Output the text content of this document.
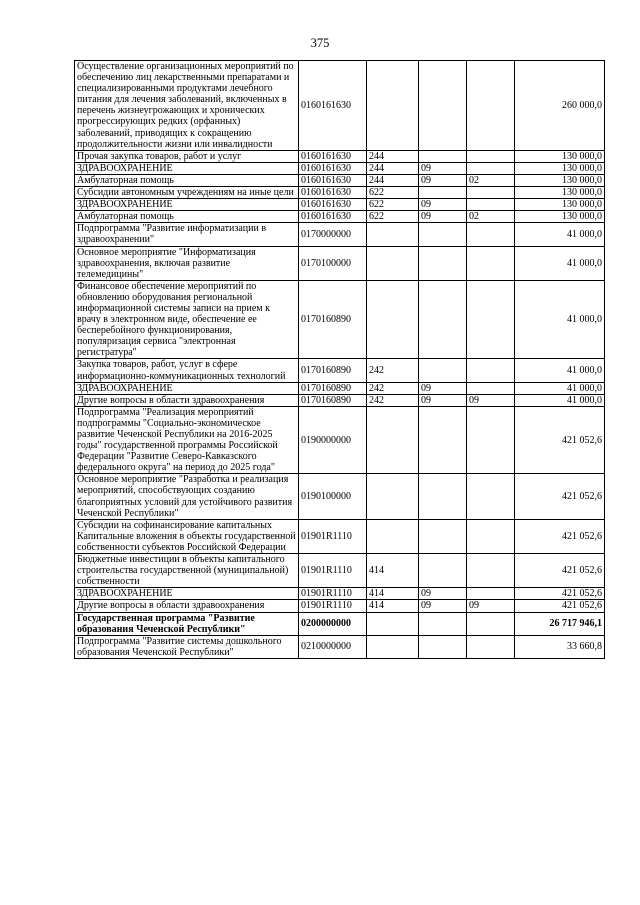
375
Осуществление организационных мероприятий по обеспечению лиц лекарственными препаратами и специализированными продуктами лечебного питания для лечения заболеваний, включенных в перечень жизнеугрожающих и хронических прогрессирующих редких (орфанных) заболеваний, приводящих к сокращению продолжительности жизни или инвалидности	0160161630				260 000,0
Прочая закупка товаров, работ и услуг	0160161630	244			130 000,0
ЗДРАВООХРАНЕНИЕ	0160161630	244	09		130 000,0
Амбулаторная помощь	0160161630	244	09	02	130 000,0
Субсидии автономным учреждениям на иные цели	0160161630	622			130 000,0
ЗДРАВООХРАНЕНИЕ	0160161630	622	09		130 000,0
Амбулаторная помощь	0160161630	622	09	02	130 000,0
Подпрограмма "Развитие информатизации в здравоохранении"	0170000000				41 000,0
Основное мероприятие "Информатизация здравоохранения, включая развитие телемедицины"	0170100000				41 000,0
Финансовое обеспечение мероприятий по обновлению оборудования региональной информационной системы записи на прием к врачу в электронном виде, обеспечение ее бесперебойного функционирования, популяризация сервиса "электронная регистратура"	0170160890				41 000,0
Закупка товаров, работ, услуг в сфере информационно-коммуникационных технологий	0170160890	242			41 000,0
ЗДРАВООХРАНЕНИЕ	0170160890	242	09		41 000,0
Другие вопросы в области здравоохранения	0170160890	242	09	09	41 000,0
Подпрограмма "Реализация мероприятий подпрограммы "Социально-экономическое развитие Чеченской Республики на 2016-2025 годы" государственной программы Российской Федерации "Развитие Северо-Кавказского федерального округа" на период до 2025 года"	0190000000				421 052,6
Основное мероприятие "Разработка и реализация мероприятий, способствующих созданию благоприятных условий для устойчивого развития Чеченской Республики"	0190100000				421 052,6
Субсидии на софинансирование капитальных Капитальные вложения в объекты государственной собственности субъектов Российской Федерации	01901R1110				421 052,6
Бюджетные инвестиции в объекты капитального строительства государственной (муниципальной) собственности	01901R1110	414			421 052,6
ЗДРАВООХРАНЕНИЕ	01901R1110	414	09		421 052,6
Другие вопросы в области здравоохранения	01901R1110	414	09	09	421 052,6
Государственная программа "Развитие образования Чеченской Республики"	0200000000				26 717 946,1
Подпрограмма "Развитие системы дошкольного образования Чеченской Республики"	0210000000				33 660,8
